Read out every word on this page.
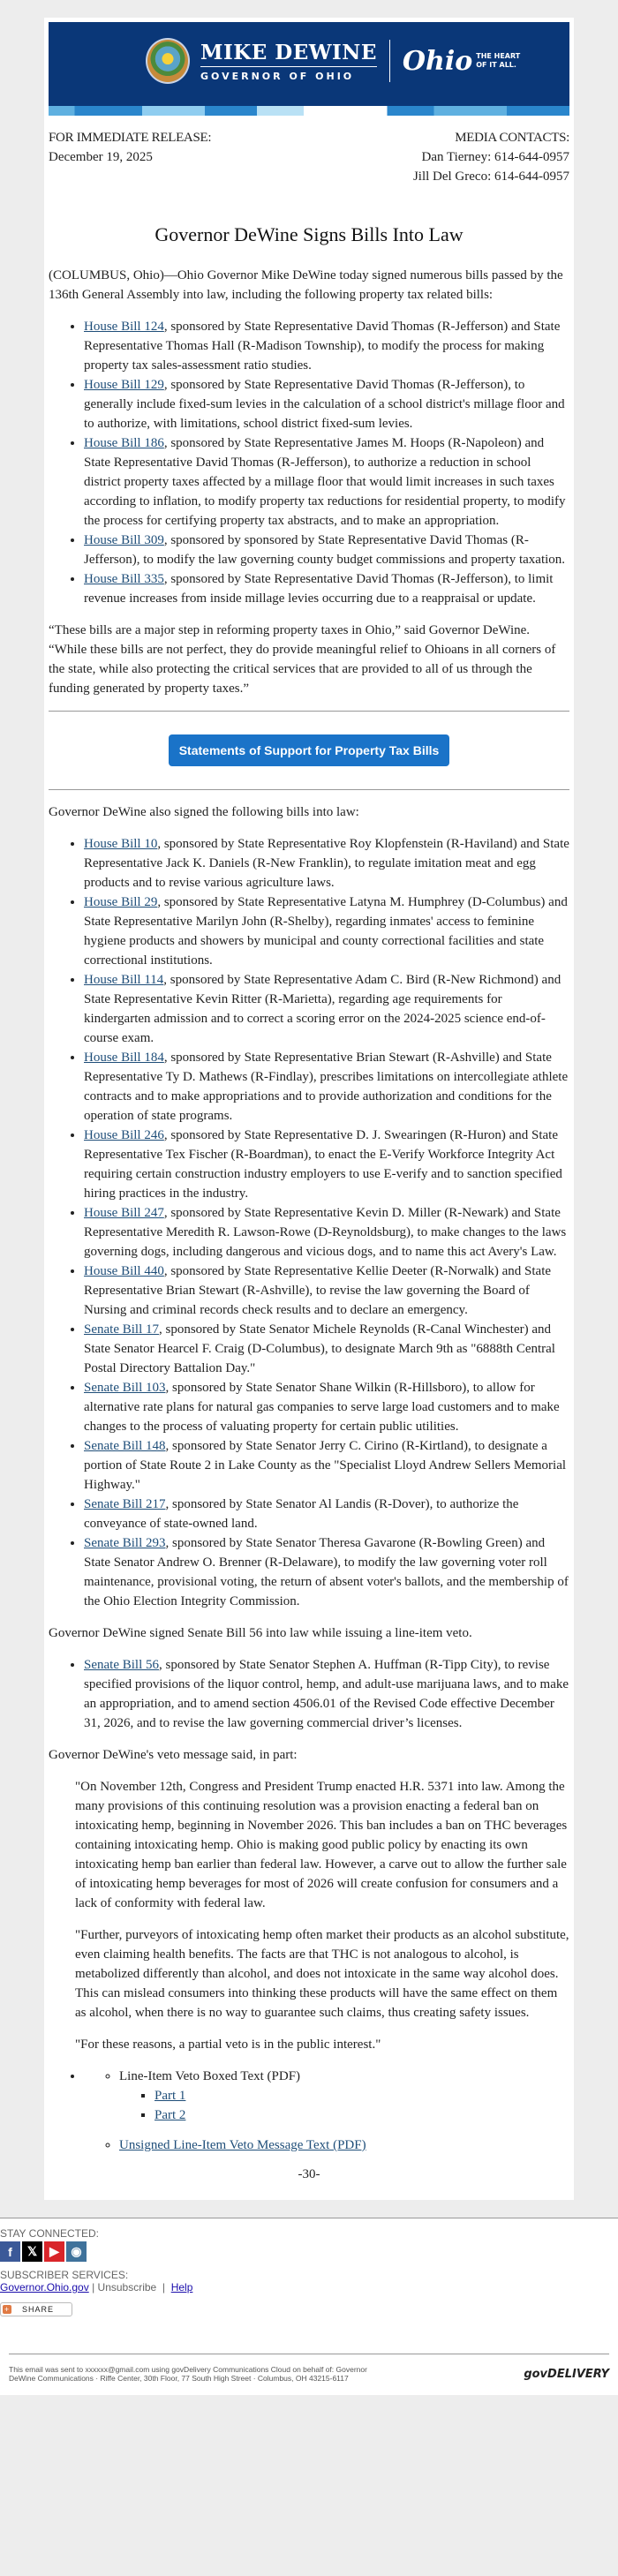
MIKE DEWINE
GOVERNOR OF OHIO	Ohio THE HEART OF IT ALL.
FOR IMMEDIATE RELEASE:
December 19, 2025
MEDIA CONTACTS:
Dan Tierney: 614-644-0957
Jill Del Greco: 614-644-0957
Governor DeWine Signs Bills Into Law

(COLUMBUS, Ohio)—Ohio Governor Mike DeWine today signed numerous bills passed by the 136th General Assembly into law, including the following property tax related bills:

• House Bill 124, sponsored by State Representative David Thomas (R-Jefferson) and State Representative Thomas Hall (R-Madison Township), to modify the process for making property tax sales-assessment ratio studies.
• House Bill 129, sponsored by State Representative David Thomas (R-Jefferson), to generally include fixed-sum levies in the calculation of a school district's millage floor and to authorize, with limitations, school district fixed-sum levies.
• House Bill 186, sponsored by State Representative James M. Hoops (R-Napoleon) and State Representative David Thomas (R-Jefferson), to authorize a reduction in school district property taxes affected by a millage floor that would limit increases in such taxes according to inflation, to modify property tax reductions for residential property, to modify the process for certifying property tax abstracts, and to make an appropriation.
• House Bill 309, sponsored by sponsored by State Representative David Thomas (R-Jefferson), to modify the law governing county budget commissions and property taxation.
• House Bill 335, sponsored by State Representative David Thomas (R-Jefferson), to limit revenue increases from inside millage levies occurring due to a reappraisal or update.

“These bills are a major step in reforming property taxes in Ohio,” said Governor DeWine. “While these bills are not perfect, they do provide meaningful relief to Ohioans in all corners of the state, while also protecting the critical services that are provided to all of us through the funding generated by property taxes.”

Statements of Support for Property Tax Bills

Governor DeWine also signed the following bills into law:

• House Bill 10, sponsored by State Representative Roy Klopfenstein (R-Haviland) and State Representative Jack K. Daniels (R-New Franklin), to regulate imitation meat and egg products and to revise various agriculture laws.
• House Bill 29, sponsored by State Representative Latyna M. Humphrey (D-Columbus) and State Representative Marilyn John (R-Shelby), regarding inmates' access to feminine hygiene products and showers by municipal and county correctional facilities and state correctional institutions.
• House Bill 114, sponsored by State Representative Adam C. Bird (R-New Richmond) and State Representative Kevin Ritter (R-Marietta), regarding age requirements for kindergarten admission and to correct a scoring error on the 2024-2025 science end-of-course exam.
• House Bill 184, sponsored by State Representative Brian Stewart (R-Ashville) and State Representative Ty D. Mathews (R-Findlay), prescribes limitations on intercollegiate athlete contracts and to make appropriations and to provide authorization and conditions for the operation of state programs.
• House Bill 246, sponsored by State Representative D. J. Swearingen (R-Huron) and State Representative Tex Fischer (R-Boardman), to enact the E-Verify Workforce Integrity Act requiring certain construction industry employers to use E-verify and to sanction specified hiring practices in the industry.
• House Bill 247, sponsored by State Representative Kevin D. Miller (R-Newark) and State Representative Meredith R. Lawson-Rowe (D-Reynoldsburg), to make changes to the laws governing dogs, including dangerous and vicious dogs, and to name this act Avery's Law.
• House Bill 440, sponsored by State Representative Kellie Deeter (R-Norwalk) and State Representative Brian Stewart (R-Ashville), to revise the law governing the Board of Nursing and criminal records check results and to declare an emergency.
• Senate Bill 17, sponsored by State Senator Michele Reynolds (R-Canal Winchester) and State Senator Hearcel F. Craig (D-Columbus), to designate March 9th as "6888th Central Postal Directory Battalion Day."
• Senate Bill 103, sponsored by State Senator Shane Wilkin (R-Hillsboro), to allow for alternative rate plans for natural gas companies to serve large load customers and to make changes to the process of valuating property for certain public utilities.
• Senate Bill 148, sponsored by State Senator Jerry C. Cirino (R-Kirtland), to designate a portion of State Route 2 in Lake County as the "Specialist Lloyd Andrew Sellers Memorial Highway."
• Senate Bill 217, sponsored by State Senator Al Landis (R-Dover), to authorize the conveyance of state-owned land.
• Senate Bill 293, sponsored by State Senator Theresa Gavarone (R-Bowling Green) and State Senator Andrew O. Brenner (R-Delaware), to modify the law governing voter roll maintenance, provisional voting, the return of absent voter's ballots, and the membership of the Ohio Election Integrity Commission.

Governor DeWine signed Senate Bill 56 into law while issuing a line-item veto.

• Senate Bill 56, sponsored by State Senator Stephen A. Huffman (R-Tipp City), to revise specified provisions of the liquor control, hemp, and adult-use marijuana laws, and to make an appropriation, and to amend section 4506.01 of the Revised Code effective December 31, 2026, and to revise the law governing commercial driver’s licenses.

Governor DeWine's veto message said, in part:

"On November 12th, Congress and President Trump enacted H.R. 5371 into law. Among the many provisions of this continuing resolution was a provision enacting a federal ban on intoxicating hemp, beginning in November 2026. This ban includes a ban on THC beverages containing intoxicating hemp. Ohio is making good public policy by enacting its own intoxicating hemp ban earlier than federal law. However, a carve out to allow the further sale of intoxicating hemp beverages for most of 2026 will create confusion for consumers and a lack of conformity with federal law.

"Further, purveyors of intoxicating hemp often market their products as an alcohol substitute, even claiming health benefits. The facts are that THC is not analogous to alcohol, is metabolized differently than alcohol, and does not intoxicate in the same way alcohol does. This can mislead consumers into thinking these products will have the same effect on them as alcohol, when there is no way to guarantee such claims, thus creating safety issues.

"For these reasons, a partial veto is in the public interest."

◦ • Line-Item Veto Boxed Text (PDF)
▪ Part 1
▪ Part 2
◦ Unsigned Line-Item Veto Message Text (PDF)
-30-
STAY CONNECTED:
f	𝕏 ▶ ◉
SUBSCRIBER SERVICES:
Governor.Ohio.gov | Unsubscribe  |  Help
+ SHARE
This email was sent to xxxxxx@gmail.com using govDelivery Communications Cloud on behalf of: Governor DeWine Communications · Riffe Center, 30th Floor, 77 South High Street · Columbus, OH 43215-6117	govDELIVERY
